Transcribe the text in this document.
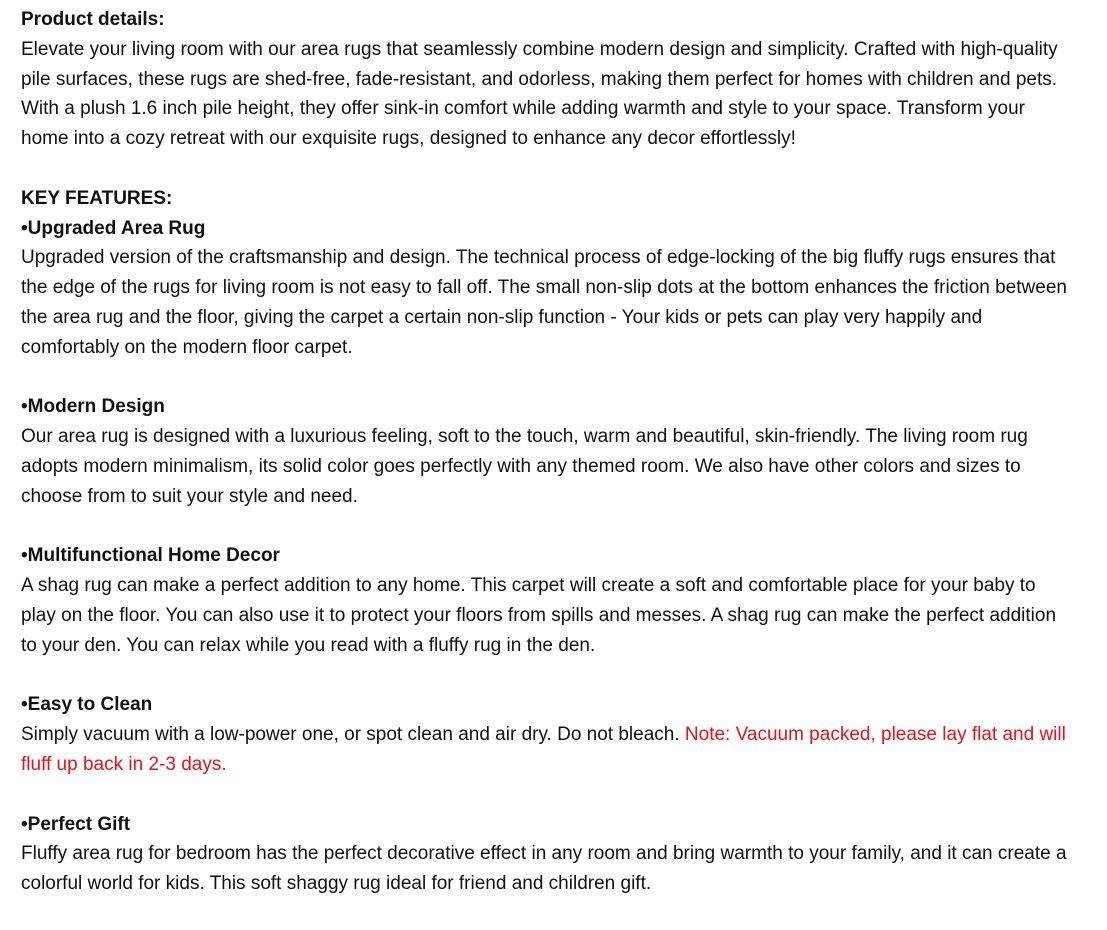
Product details:
Elevate your living room with our area rugs that seamlessly combine modern design and simplicity. Crafted with high-quality pile surfaces, these rugs are shed-free, fade-resistant, and odorless, making them perfect for homes with children and pets. With a plush 1.6 inch pile height, they offer sink-in comfort while adding warmth and style to your space. Transform your home into a cozy retreat with our exquisite rugs, designed to enhance any decor effortlessly!
KEY FEATURES:
•Upgraded Area Rug
Upgraded version of the craftsmanship and design. The technical process of edge-locking of the big fluffy rugs ensures that the edge of the rugs for living room is not easy to fall off. The small non-slip dots at the bottom enhances the friction between the area rug and the floor, giving the carpet a certain non-slip function - Your kids or pets can play very happily and comfortably on the modern floor carpet.
•Modern Design
Our area rug is designed with a luxurious feeling, soft to the touch, warm and beautiful, skin-friendly. The living room rug adopts modern minimalism, its solid color goes perfectly with any themed room. We also have other colors and sizes to choose from to suit your style and need.
•Multifunctional Home Decor
A shag rug can make a perfect addition to any home. This carpet will create a soft and comfortable place for your baby to play on the floor. You can also use it to protect your floors from spills and messes. A shag rug can make the perfect addition to your den. You can relax while you read with a fluffy rug in the den.
•Easy to Clean
Simply vacuum with a low-power one, or spot clean and air dry. Do not bleach. Note: Vacuum packed, please lay flat and will fluff up back in 2-3 days.
•Perfect Gift
Fluffy area rug for bedroom has the perfect decorative effect in any room and bring warmth to your family, and it can create a colorful world for kids. This soft shaggy rug ideal for friend and children gift.
